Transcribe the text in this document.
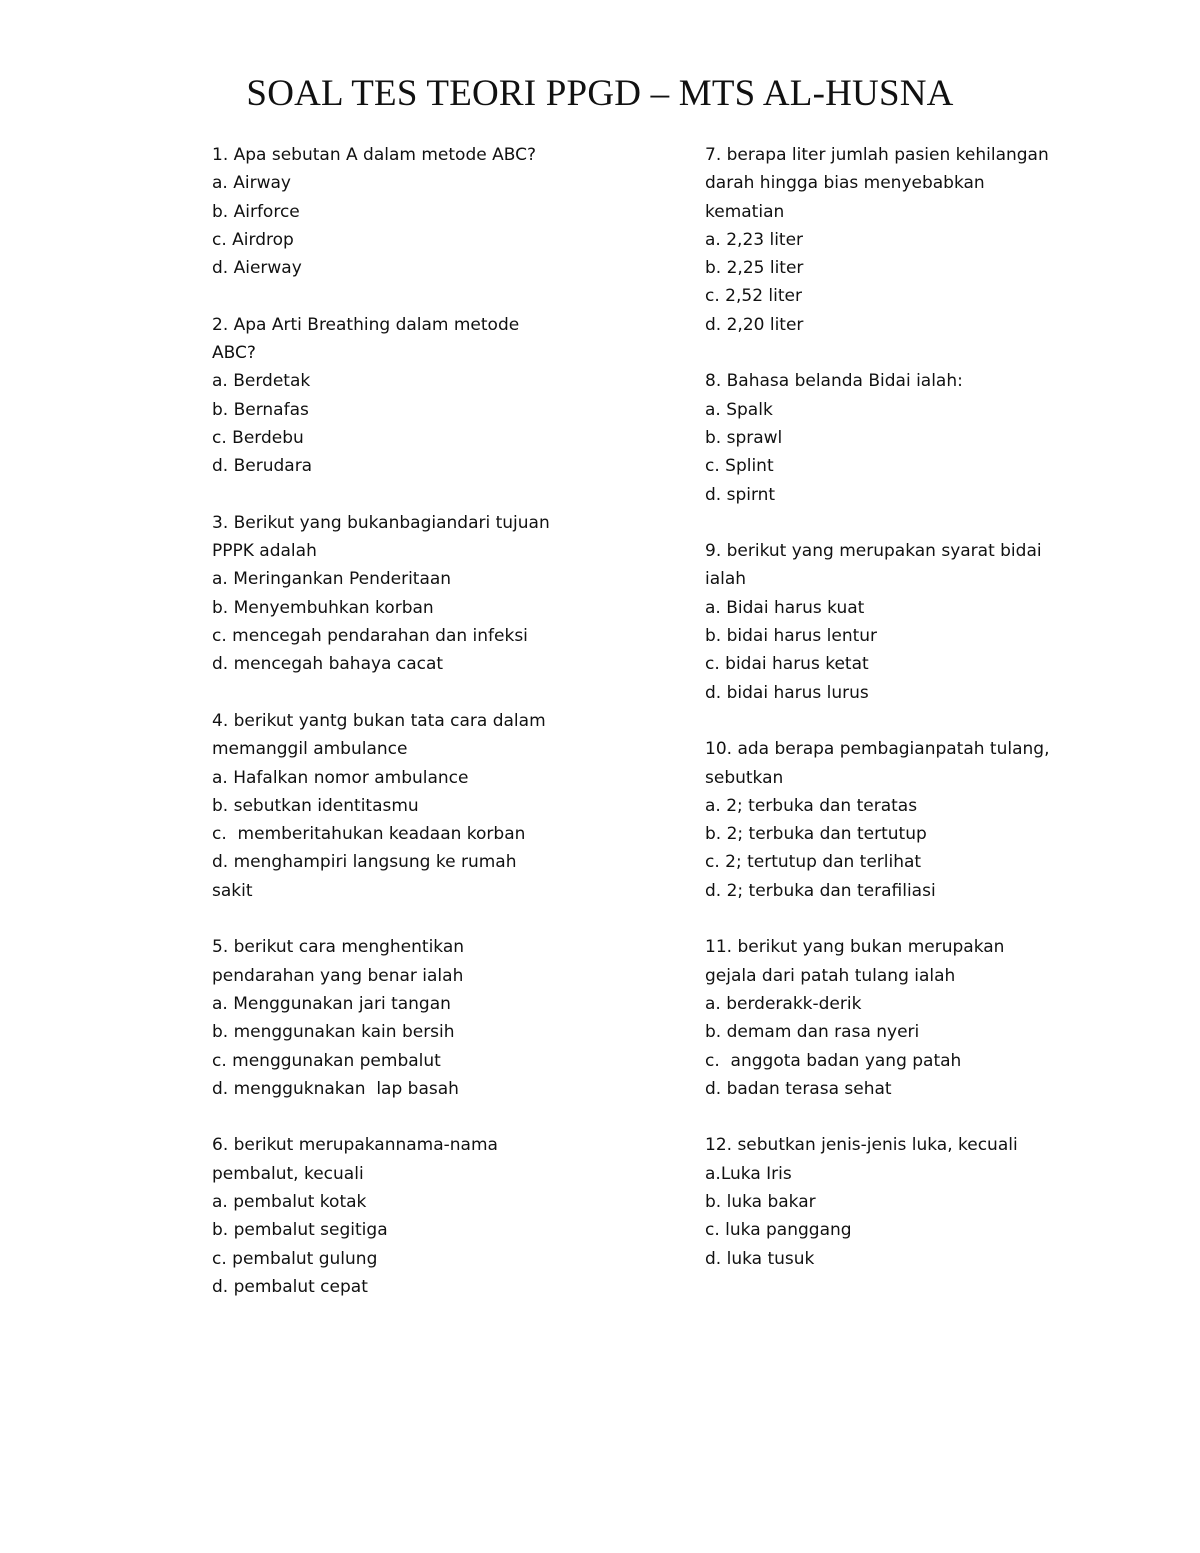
SOAL TES TEORI PPGD – MTS AL-HUSNA
1. Apa sebutan A dalam metode ABC?
a. Airway
b. Airforce
c. Airdrop
d. Aierway
2. Apa Arti Breathing dalam metode
ABC?
a. Berdetak
b. Bernafas
c. Berdebu
d. Berudara
3. Berikut yang bukanbagiandari tujuan
PPPK adalah
a. Meringankan Penderitaan
b. Menyembuhkan korban
c. mencegah pendarahan dan infeksi
d. mencegah bahaya cacat
4. berikut yantg bukan tata cara dalam
memanggil ambulance
a. Hafalkan nomor ambulance
b. sebutkan identitasmu
c.  memberitahukan keadaan korban
d. menghampiri langsung ke rumah
sakit
5. berikut cara menghentikan
pendarahan yang benar ialah
a. Menggunakan jari tangan
b. menggunakan kain bersih
c. menggunakan pembalut
d. mengguknakan  lap basah
6. berikut merupakannama-nama
pembalut, kecuali
a. pembalut kotak
b. pembalut segitiga
c. pembalut gulung
d. pembalut cepat
7. berapa liter jumlah pasien kehilangan
darah hingga bias menyebabkan
kematian
a. 2,23 liter
b. 2,25 liter
c. 2,52 liter
d. 2,20 liter
8. Bahasa belanda Bidai ialah:
a. Spalk
b. sprawl
c. Splint
d. spirnt
9. berikut yang merupakan syarat bidai
ialah
a. Bidai harus kuat
b. bidai harus lentur
c. bidai harus ketat
d. bidai harus lurus
10. ada berapa pembagianpatah tulang,
sebutkan
a. 2; terbuka dan teratas
b. 2; terbuka dan tertutup
c. 2; tertutup dan terlihat
d. 2; terbuka dan terafiliasi
11. berikut yang bukan merupakan
gejala dari patah tulang ialah
a. berderakk-derik
b. demam dan rasa nyeri
c.  anggota badan yang patah
d. badan terasa sehat
12. sebutkan jenis-jenis luka, kecuali
a.Luka Iris
b. luka bakar
c. luka panggang
d. luka tusuk
